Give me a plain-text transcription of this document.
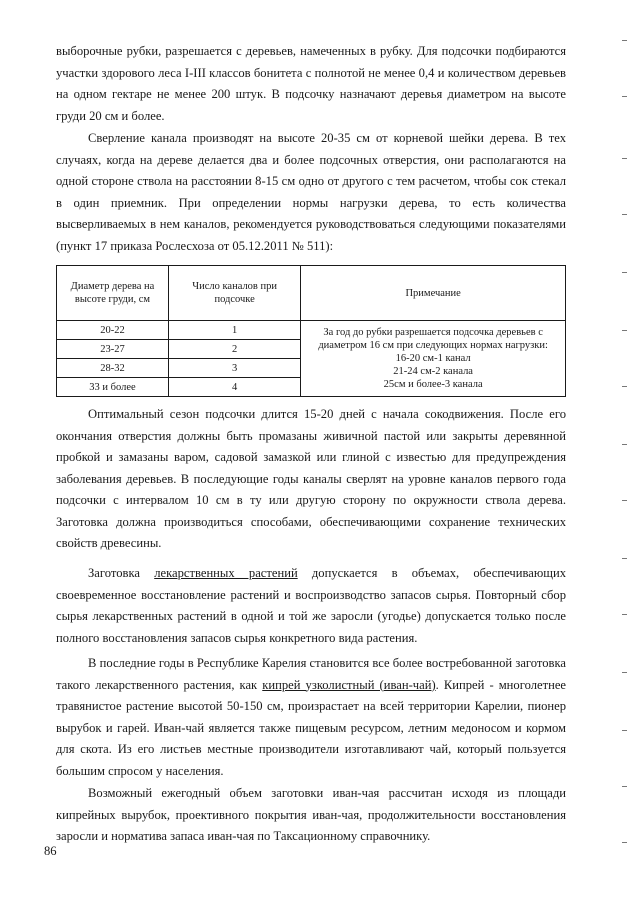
выборочные рубки, разрешается с деревьев, намеченных в рубку. Для подсочки подбираются участки здорового леса I-III классов бонитета с полнотой не менее 0,4 и количеством деревьев на одном гектаре не менее 200 штук. В подсочку назначают деревья диаметром на высоте груди 20 см и более.

Сверление канала производят на высоте 20-35 см от корневой шейки дерева. В тех случаях, когда на дереве делается два и более подсочных отверстия, они располагаются на одной стороне ствола на расстоянии 8-15 см одно от другого с тем расчетом, чтобы сок стекал в один приемник. При определении нормы нагрузки дерева, то есть количества высверливаемых в нем каналов, рекомендуется руководствоваться следующими показателями (пункт 17 приказа Рослесхоза от 05.12.2011 № 511):

Диаметр дерева на высоте груди, см	Число каналов при подсочке	Примечание
20-22	1	За год до рубки разрешается подсочка деревьев с диаметром 16 см при следующих нормах нагрузки:
16-20 см-1 канал
21-24 см-2 канала
25см и более-3 канала

23-27	2	
28-32	3	
33 и более	4	

Оптимальный сезон подсочки длится 15-20 дней с начала сокодвижения. После его окончания отверстия должны быть промазаны живичной пастой или закрыты деревянной пробкой и замазаны варом, садовой замазкой или глиной с известью для предупреждения заболевания деревьев. В последующие годы каналы сверлят на уровне каналов первого года подсочки с интервалом 10 см в ту или другую сторону по окружности ствола дерева. Заготовка должна производиться способами, обеспечивающими сохранение технических свойств древесины.

Заготовка лекарственных растений допускается в объемах, обеспечивающих своевременное восстановление растений и воспроизводство запасов сырья. Повторный сбор сырья лекарственных растений в одной и той же заросли (угодье) допускается только после полного восстановления запасов сырья конкретного вида растения.

В последние годы в Республике Карелия становится все более востребованной заготовка такого лекарственного растения, как кипрей узколистный (иван-чай). Кипрей - многолетнее травянистое растение высотой 50-150 см, произрастает на всей территории Карелии, пионер вырубок и гарей. Иван-чай является также пищевым ресурсом, летним медоносом и кормом для скота. Из его листьев местные производители изготавливают чай, который пользуется большим спросом у населения.

Возможный ежегодный объем заготовки иван-чая рассчитан исходя из площади кипрейных вырубок, проективного покрытия иван-чая, продолжительности восстановления заросли и норматива запаса иван-чая по Таксационному справочнику.

86
